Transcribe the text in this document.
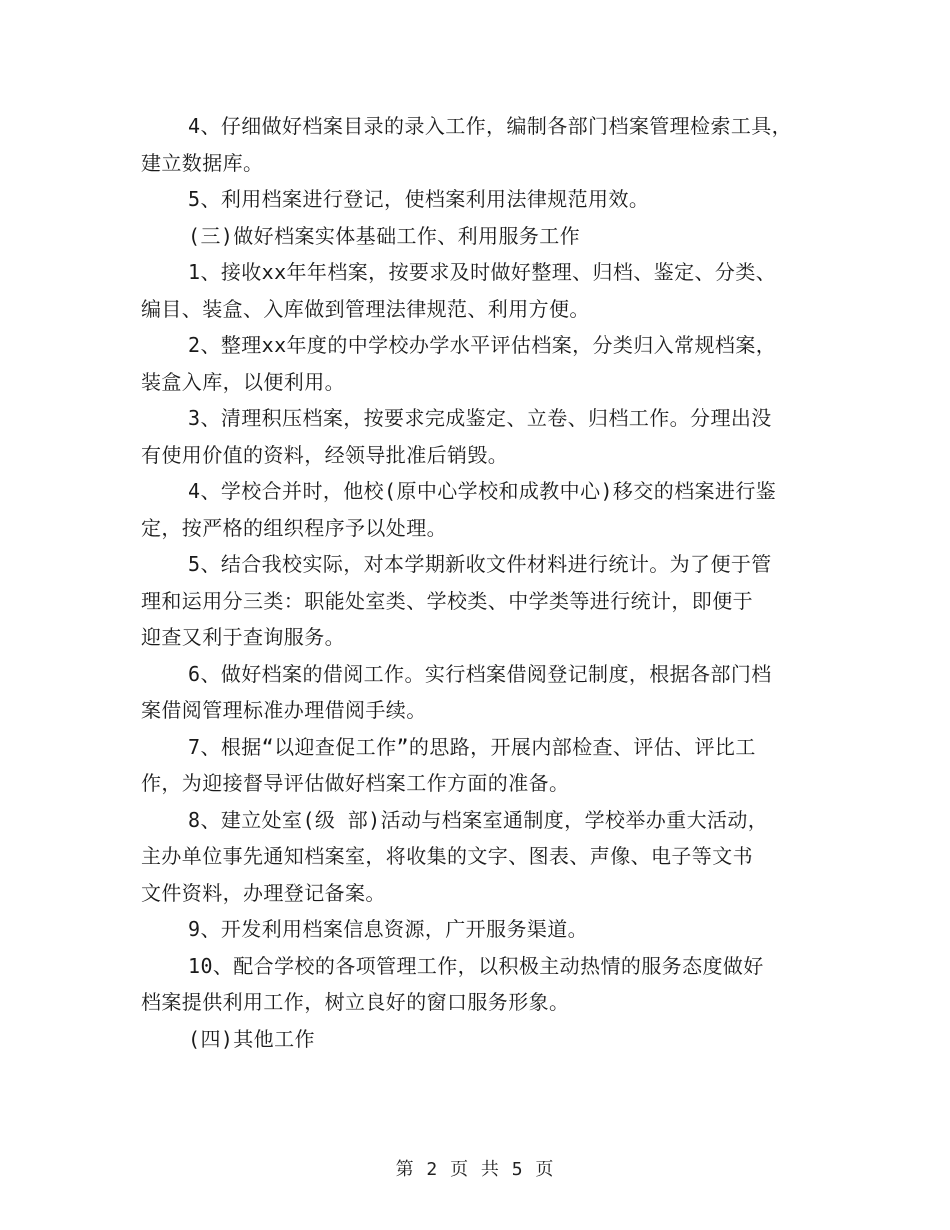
4、仔细做好档案目录的录入工作，编制各部门档案管理检索工具，
建立数据库。

5、利用档案进行登记，使档案利用法律规范用效。

(三)做好档案实体基础工作、利用服务工作

1、接收xx年年档案，按要求及时做好整理、归档、鉴定、分类、
编目、装盒、入库做到管理法律规范、利用方便。

2、整理xx年度的中学校办学水平评估档案，分类归入常规档案，
装盒入库，以便利用。

3、清理积压档案，按要求完成鉴定、立卷、归档工作。分理出没
有使用价值的资料，经领导批准后销毁。

4、学校合并时，他校(原中心学校和成教中心)移交的档案进行鉴
定，按严格的组织程序予以处理。

5、结合我校实际，对本学期新收文件材料进行统计。为了便于管
理和运用分三类：职能处室类、学校类、中学类等进行统计，即便于
迎查又利于查询服务。

6、做好档案的借阅工作。实行档案借阅登记制度，根据各部门档
案借阅管理标准办理借阅手续。

7、根据“以迎查促工作”的思路，开展内部检查、评估、评比工
作，为迎接督导评估做好档案工作方面的准备。

8、建立处室(级 部)活动与档案室通制度，学校举办重大活动，
主办单位事先通知档案室，将收集的文字、图表、声像、电子等文书
文件资料，办理登记备案。

9、开发利用档案信息资源，广开服务渠道。

10、配合学校的各项管理工作，以积极主动热情的服务态度做好
档案提供利用工作，树立良好的窗口服务形象。

(四)其他工作

第 2 页 共 5 页
